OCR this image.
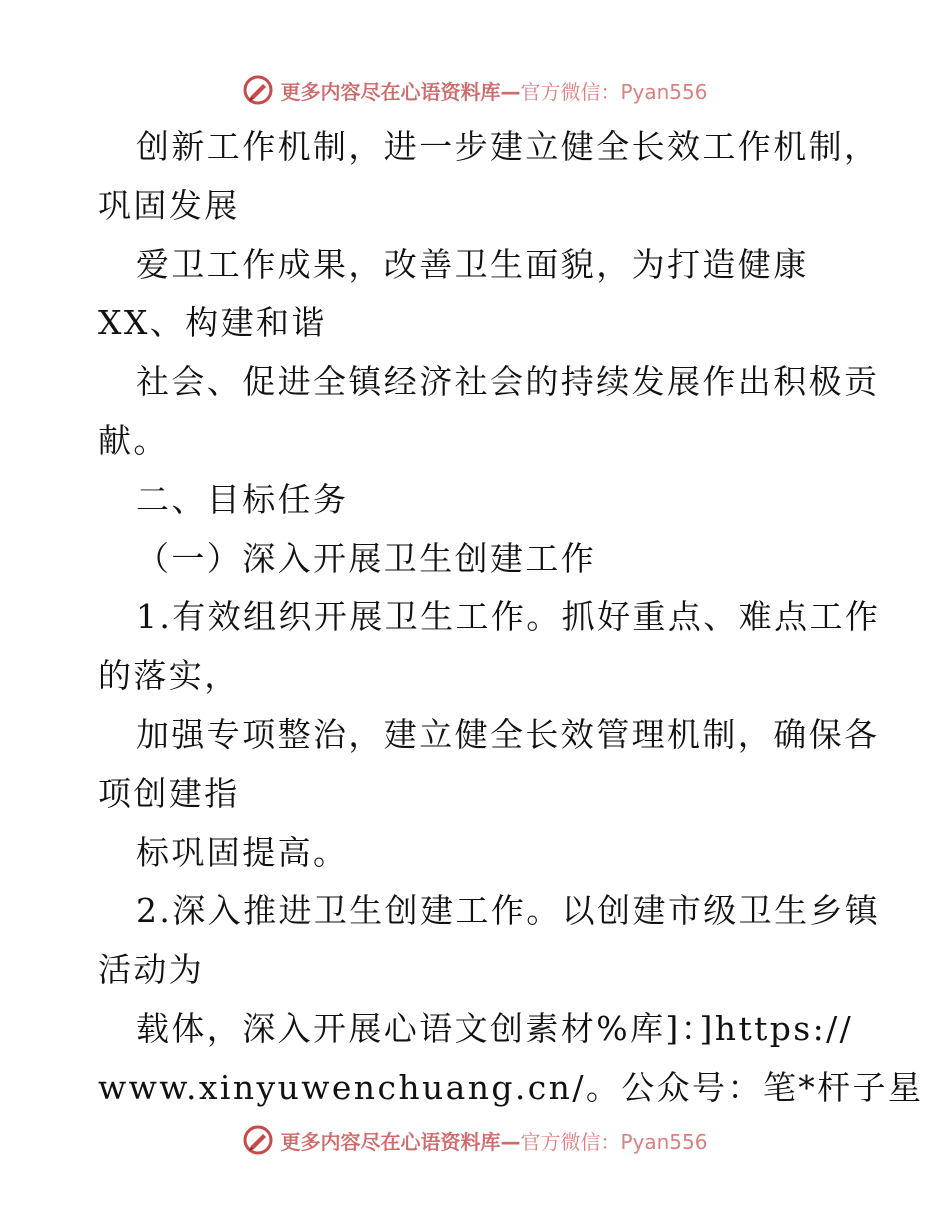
更多内容尽在心语资料库—官方微信：Pyan556
创新工作机制，进一步建立健全长效工作机制，
巩固发展
爱卫工作成果，改善卫生面貌，为打造健康
XX、构建和谐
社会、促进全镇经济社会的持续发展作出积极贡
献。
二、目标任务
（一）深入开展卫生创建工作
1.有效组织开展卫生工作。抓好重点、难点工作
的落实，
加强专项整治，建立健全长效管理机制，确保各
项创建指
标巩固提高。
2.深入推进卫生创建工作。以创建市级卫生乡镇
活动为
载体，深入开展心语文创素材%库]：]https://
www.xinyuwenchuang.cn/。公众号：笔*杆子星
更多内容尽在心语资料库—官方微信：Pyan556
